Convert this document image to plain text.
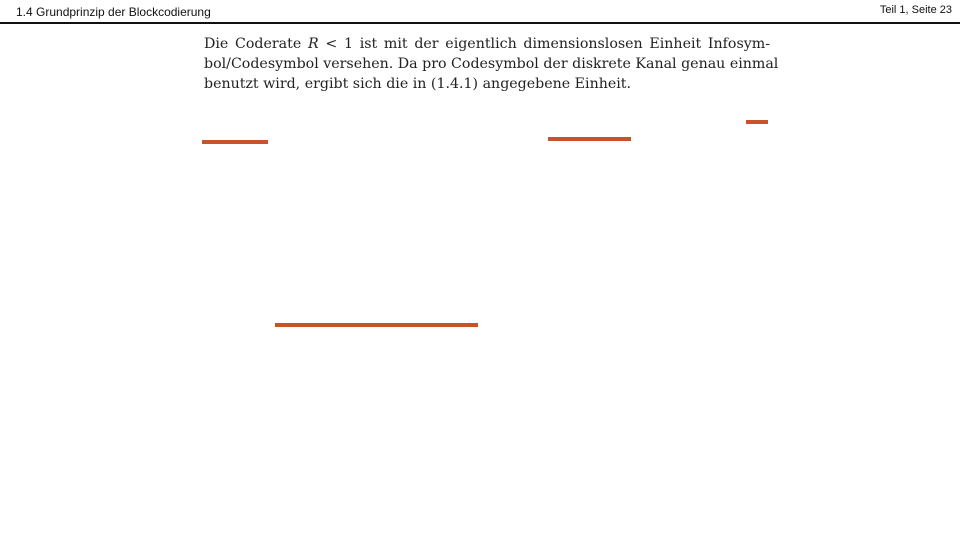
1.4 Grundprinzip der Blockcodierung	Teil 1, Seite 23

Die Coderate R < 1 ist mit der eigentlich dimensionslosen Einheit Infosym-
bol/Codesymbol versehen. Da pro Codesymbol der diskrete Kanal genau einmal
benutzt wird, ergibt sich die in (1.4.1) angegebene Einheit.
